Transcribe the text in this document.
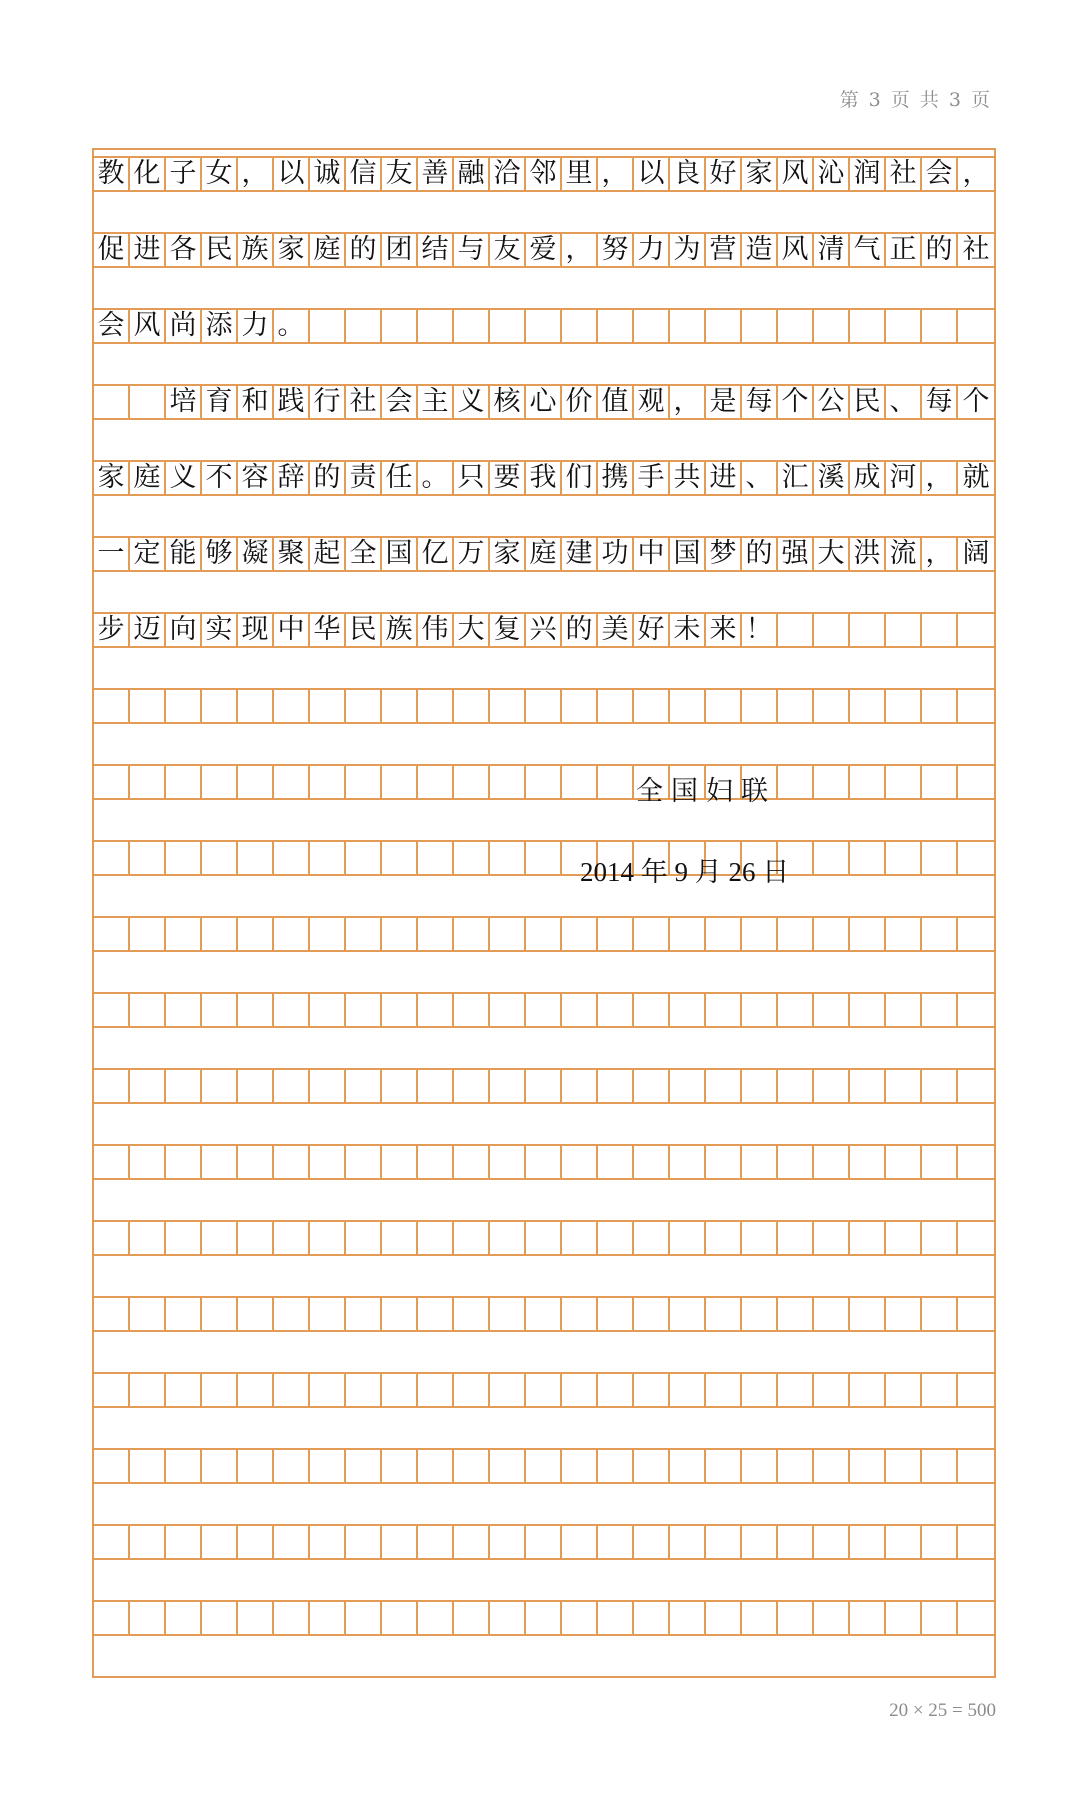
第 3 页 共 3 页
教 化 子 女 ， 以 诚 信 友 善 融 洽 邻 里 ， 以 良 好 家 风 沁 润 社 会 ，
促 进 各 民 族 家 庭 的 团 结 与 友 爱 ， 努 力 为 营 造 风 清 气 正 的 社
会 风 尚 添 力 。
培 育 和 践 行 社 会 主 义 核 心 价 值 观 ， 是 每 个 公 民 、 每 个
家 庭 义 不 容 辞 的 责 任 。 只 要 我 们 携 手 共 进 、 汇 溪 成 河 ， 就
一 定 能 够 凝 聚 起 全 国 亿 万 家 庭 建 功 中 国 梦 的 强 大 洪 流 ， 阔
步 迈 向 实 现 中 华 民 族 伟 大 复 兴 的 美 好 未 来 ！
全国妇联
2014 年 9 月 26 日
20 × 25 = 500
